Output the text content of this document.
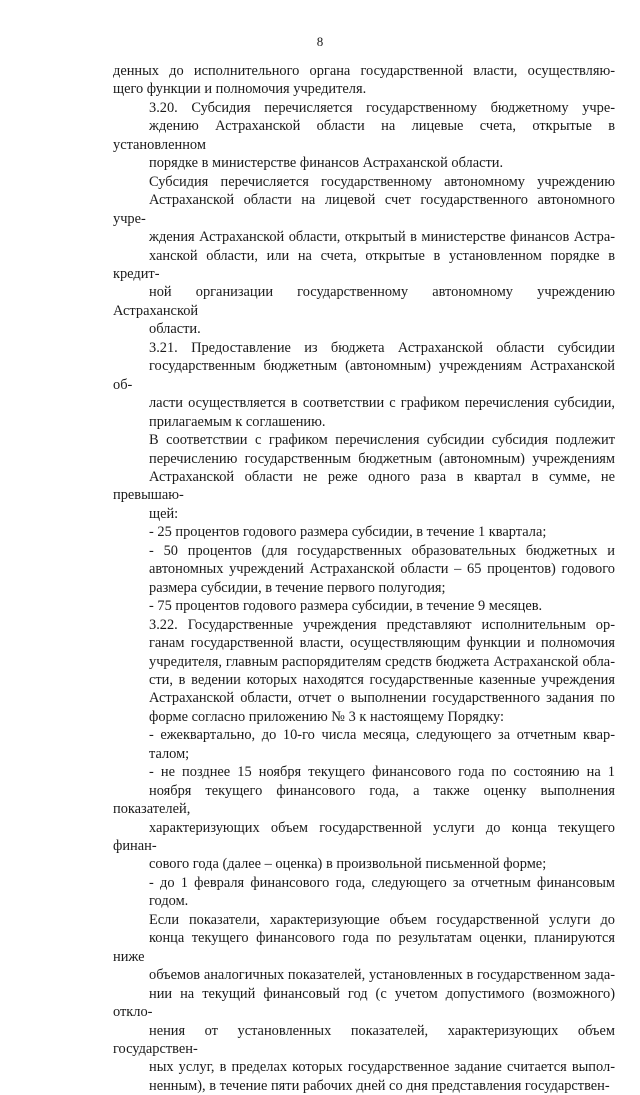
8

денных до исполнительного органа государственной власти, осуществляю-
щего функции и полномочия учредителя.

3.20. Субсидия перечисляется государственному бюджетному учре-
ждению Астраханской области на лицевые счета, открытые в установленном
порядке в министерстве финансов Астраханской области.

Субсидия перечисляется государственному автономному учреждению
Астраханской области на лицевой счет государственного автономного учре-
ждения Астраханской области, открытый в министерстве финансов Астра-
ханской области, или на счета, открытые в установленном порядке в кредит-
ной организации государственному автономному учреждению Астраханской
области.

3.21. Предоставление из бюджета Астраханской области субсидии
государственным бюджетным (автономным) учреждениям Астраханской об-
ласти осуществляется в соответствии с графиком перечисления субсидии,
прилагаемым к соглашению.

В соответствии с графиком перечисления субсидии субсидия подлежит
перечислению государственным бюджетным (автономным) учреждениям
Астраханской области не реже одного раза в квартал в сумме, не превышаю-
щей:

- 25 процентов годового размера субсидии, в течение 1 квартала;

- 50 процентов (для государственных образовательных бюджетных и
автономных учреждений Астраханской области – 65 процентов) годового
размера субсидии, в течение первого полугодия;

- 75 процентов годового размера субсидии, в течение 9 месяцев.

3.22. Государственные учреждения представляют исполнительным ор-
ганам государственной власти, осуществляющим функции и полномочия
учредителя, главным распорядителям средств бюджета Астраханской обла-
сти, в ведении которых находятся государственные казенные учреждения
Астраханской области, отчет о выполнении государственного задания по
форме согласно приложению № 3 к настоящему Порядку:

- ежеквартально, до 10-го числа месяца, следующего за отчетным квар-
талом;

- не позднее 15 ноября текущего финансового года по состоянию на 1
ноября текущего финансового года, а также оценку выполнения показателей,
характеризующих объем государственной услуги до конца текущего финан-
сового года (далее – оценка) в произвольной письменной форме;

- до 1 февраля финансового года, следующего за отчетным финансовым
годом.

Если показатели, характеризующие объем государственной услуги до
конца текущего финансового года по результатам оценки, планируются ниже
объемов аналогичных показателей, установленных в государственном зада-
нии на текущий финансовый год (с учетом допустимого (возможного) откло-
нения от установленных показателей, характеризующих объем государствен-
ных услуг, в пределах которых государственное задание считается выпол-
ненным), в течение пяти рабочих дней со дня представления государствен-
